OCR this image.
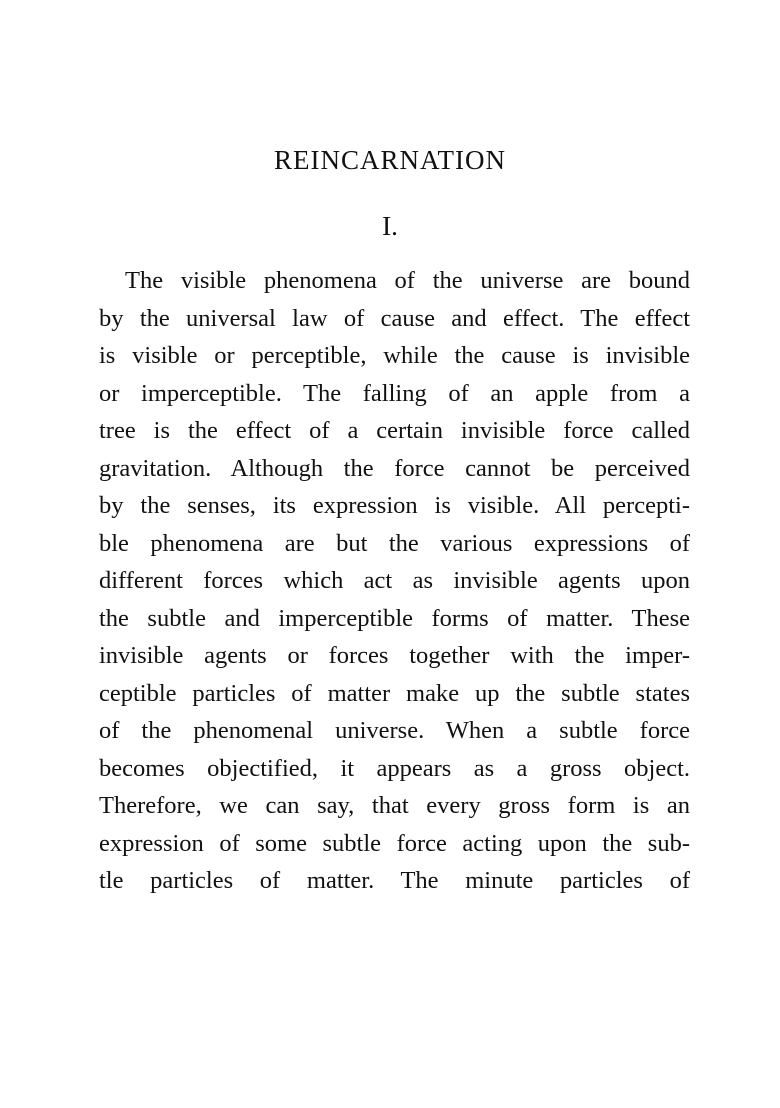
REINCARNATION
I.
The visible phenomena of the universe are bound
by the universal law of cause and effect. The effect
is visible or perceptible, while the cause is invisible
or imperceptible. The falling of an apple from a
tree is the effect of a certain invisible force called
gravitation. Although the force cannot be perceived
by the senses, its expression is visible. All percepti-
ble phenomena are but the various expressions of
different forces which act as invisible agents upon
the subtle and imperceptible forms of matter. These
invisible agents or forces together with the imper-
ceptible particles of matter make up the subtle states
of the phenomenal universe. When a subtle force
becomes objectified, it appears as a gross object.
Therefore, we can say, that every gross form is an
expression of some subtle force acting upon the sub-
tle particles of matter. The minute particles of
